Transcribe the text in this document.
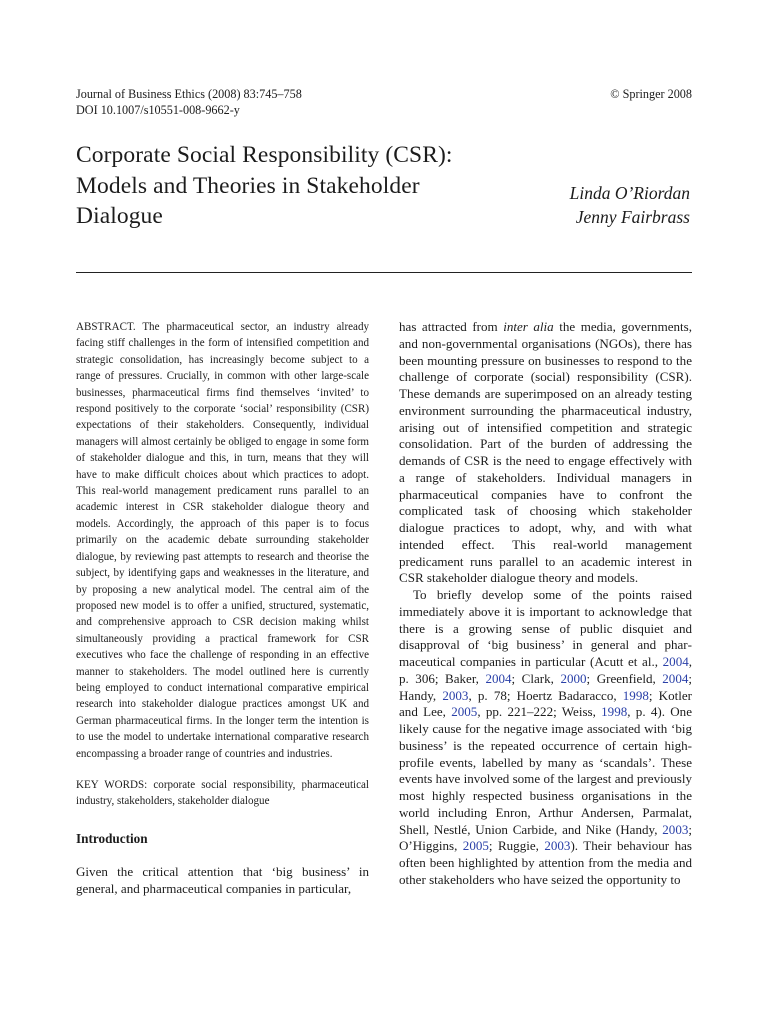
Journal of Business Ethics (2008) 83:745–758
DOI 10.1007/s10551-008-9662-y
© Springer 2008
Corporate Social Responsibility (CSR):
Models and Theories in Stakeholder
Dialogue
Linda O’Riordan
Jenny Fairbrass

ABSTRACT. The pharmaceutical sector, an industry already facing stiff challenges in the form of intensified competition and strategic consolidation, has increasingly become subject to a range of pressures. Crucially, in common with other large-scale businesses, pharmaceutical firms find themselves ‘invited’ to respond positively to the corporate ‘social’ responsibility (CSR) expectations of their stakeholders. Consequently, individual managers will almost certainly be obliged to engage in some form of stakeholder dialogue and this, in turn, means that they will have to make difficult choices about which practices to adopt. This real-world management predicament runs parallel to an academic interest in CSR stakeholder dialogue theory and models. Accordingly, the approach of this paper is to focus primarily on the academic debate surrounding stakeholder dialogue, by reviewing past attempts to research and theorise the subject, by identifying gaps and weaknesses in the literature, and by proposing a new analytical model. The central aim of the proposed new model is to offer a unified, structured, systematic, and comprehensive approach to CSR decision making whilst simultaneously providing a practical framework for CSR executives who face the challenge of responding in an effective manner to stakeholders. The model outlined here is currently being employed to conduct international comparative empirical research into stakeholder dialogue practices amongst UK and German pharmaceutical firms. In the longer term the intention is to use the model to undertake international comparative research encompassing a broader range of countries and industries.

KEY WORDS: corporate social responsibility, pharmaceutical industry, stakeholders, stakeholder dialogue

Introduction

Given the critical attention that ‘big business’ in general, and pharmaceutical companies in particular,

has attracted from inter alia the media, governments, and non-governmental organisations (NGOs), there has been mounting pressure on businesses to respond to the challenge of corporate (social) responsibility (CSR). These demands are superimposed on an already testing environment surrounding the pharmaceutical industry, arising out of intensified competition and strategic consolidation. Part of the burden of addressing the demands of CSR is the need to engage effectively with a range of stakeholders. Individual managers in pharmaceutical companies have to confront the complicated task of choosing which stakeholder dialogue practices to adopt, why, and with what intended effect. This real-world management predicament runs parallel to an academic interest in CSR stakeholder dialogue theory and models.

To briefly develop some of the points raised immediately above it is important to acknowledge that there is a growing sense of public disquiet and disapproval of ‘big business’ in general and pharmaceutical companies in particular (Acutt et al., 2004, p. 306; Baker, 2004; Clark, 2000; Greenfield, 2004; Handy, 2003, p. 78; Hoertz Badaracco, 1998; Kotler and Lee, 2005, pp. 221–222; Weiss, 1998, p. 4). One likely cause for the negative image associated with ‘big business’ is the repeated occurrence of certain high-profile events, labelled by many as ‘scandals’. These events have involved some of the largest and previously most highly respected business organisations in the world including Enron, Arthur Andersen, Parmalat, Shell, Nestlé, Union Carbide, and Nike (Handy, 2003; O’Higgins, 2005; Ruggie, 2003). Their behaviour has often been highlighted by attention from the media and other stakeholders who have seized the opportunity to
